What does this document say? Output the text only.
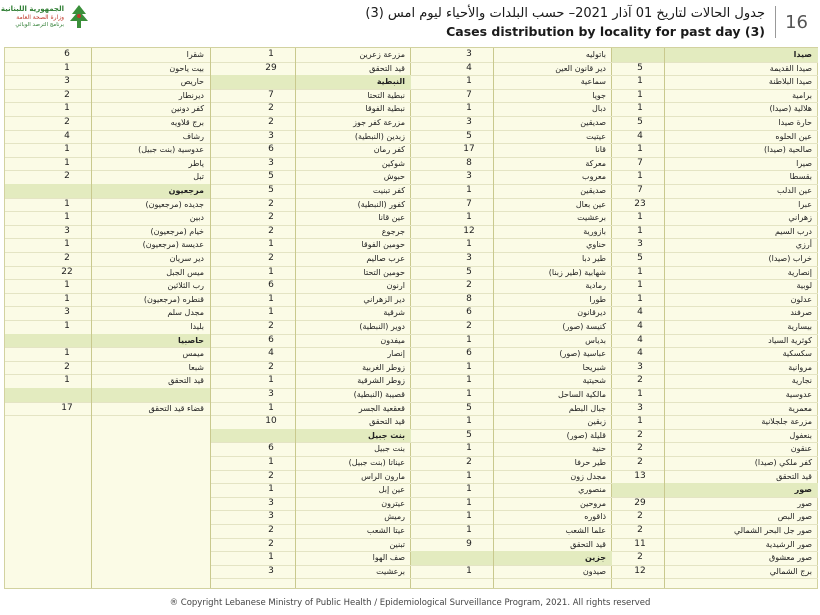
الجمهورية اللبنانية
وزارة الصحة العامة
برنامج الترصد الوبائي
جدول الحالات لتاريخ 01 آذار 2021– حسب البلدات والأحياء ليوم امس (3)
Cases distribution by locality for past day (3)	16
صيدا
صيدا القديمة
5
صيدا البلاطنة
1
برامية
1
هلالية (صيدا)
1
حارة صيدا
5
عين الحلوه
4
صالحية (صيدا)
1
صيرا
7
بقسطا
1
عين الدلب
7
عبرا
23
زهراني
1
درب السيم
1
أرزي
3
خراب (صيدا)
5
إنصارية
1
لوبية
1
عدلون
1
صرفند
4
بيسارية
4
كوثرية السياد
4
سكسكية
4
مروانية
3
نجارية
2
عدوسية
1
معمرية
3
مزرعة جلجلانية
1
بنعفول
2
عنقون
2
كفر ملكي (صيدا)
2
قيد التحقق
13
صور
صور
29
صور البص
2
صور جل البحر الشمالي
2
صور الرشيدية
11
صور معشوق
2
برج الشمالي
12
باتوليه
3
دير قانون العين
4
سماعية
1
جويا
7
دبال
1
صديقين
3
عيتيت
5
قانا
17
معركة
8
معروب
3
صديقين
1
عين بعال
7
برعشيت
1
بازورية
12
حناوي
1
طير دبا
3
شهابية (طير زبنا)
5
رمادية
2
طورا
8
ديرقانون
6
كنيسة (صور)
2
بدياس
1
عباسية (صور)
6
شبريحا
1
شحيتية
1
مالكية الساحل
1
جبال البطم
5
زبقين
1
قليلة (صور)
5
حنية
1
طير حرفا
2
مجدل زون
1
منصوري
1
مروحين
1
ذاقوره
1
علما الشعب
1
قيد التحقق
9
جزين
صيدون
1
مزرعة زعرين
1
قيد التحقق
29
النبطية
نبطية التحتا
7
نبطية الفوقا
2
مزرعة كفر جوز
2
زبدين (النبطية)
3
كفر رمان
6
شوكين
3
حبوش
5
كفر تبنيت
5
كفور (النبطية)
2
عين قانا
2
جرجوع
2
حومين الفوقا
1
عرب صاليم
2
حومين التحتا
1
ارنون
6
دير الزهراني
1
شرقية
1
دوير (النبطية)
2
ميفدون
6
إنصار
4
زوطر الغربية
2
زوطر الشرقية
1
قصيبة (النبطية)
3
قعقعية الجسر
1
قيد التحقق
10
بنت جبيل
بنت جبيل
6
عيناتا (بنت جبيل)
1
مارون الراس
2
عين إبل
1
عيترون
3
رميش
3
عيتا الشعب
2
تبنين
2
صف الهوا
1
برعشيت
3
شقرا
6
بيت ياحون
1
حاريص
3
ديرنطار
2
كفر دونين
1
برج قلاويه
2
رشاف
4
عدوسية (بنت جبيل)
1
ياطر
1
تبل
2
مرجعيون
جديده (مرجعيون)
1
دبين
1
خيام (مرجعيون)
3
عديسة (مرجعيون)
1
دير سريان
2
ميس الجبل
22
رب الثلاثين
1
قنطره (مرجعيون)
1
مجدل سلم
3
بليدا
1
حاصبيا
ميمس
1
شبعا
2
قيد التحقق
1
قضاء قيد التحقق
17
® Copyright Lebanese Ministry of Public Health / Epidemiological Surveillance Program, 2021. All rights reserved
